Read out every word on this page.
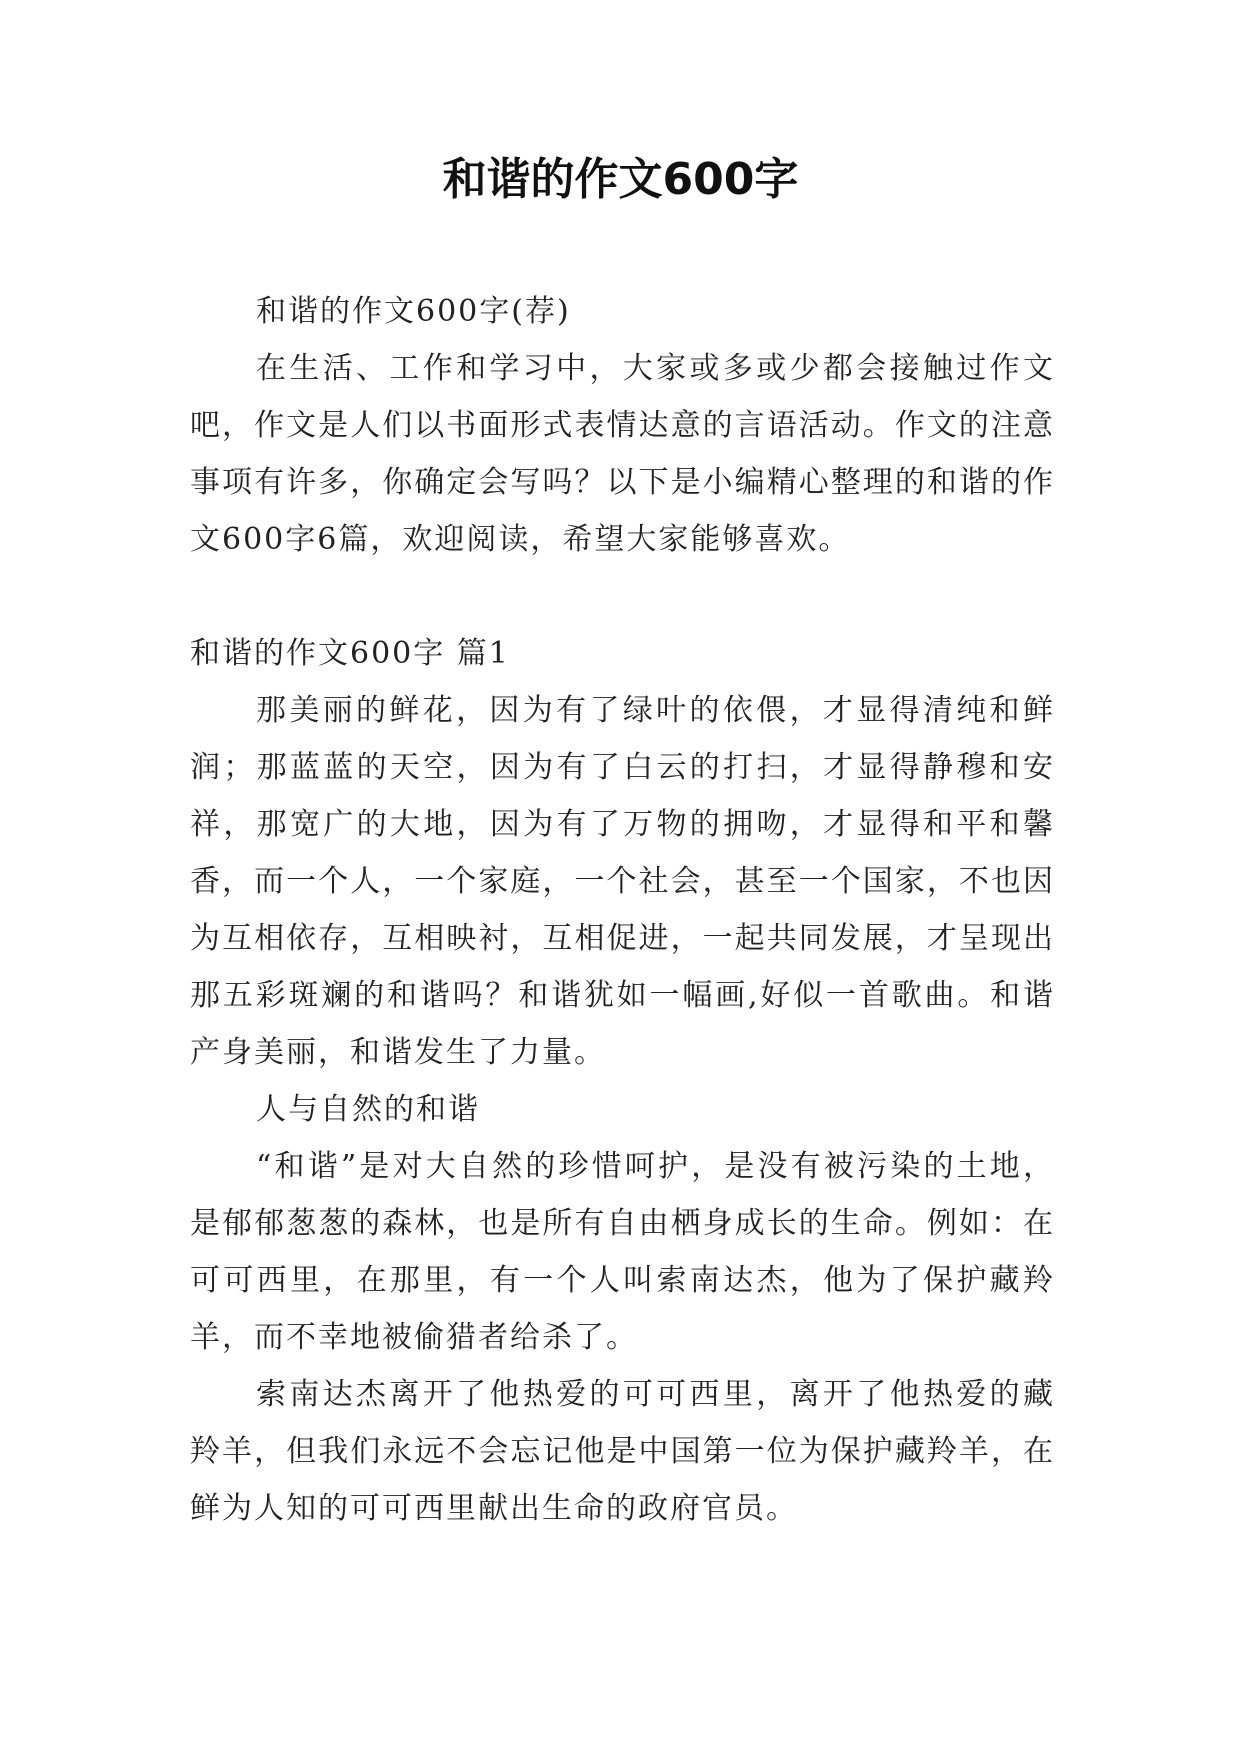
和谐的作文600字

和谐的作文600字(荐)

在生活、工作和学习中，大家或多或少都会接触过作文吧，作文是人们以书面形式表情达意的言语活动。作文的注意事项有许多，你确定会写吗？以下是小编精心整理的和谐的作文600字6篇，欢迎阅读，希望大家能够喜欢。

和谐的作文600字 篇1

那美丽的鲜花，因为有了绿叶的依偎，才显得清纯和鲜润；那蓝蓝的天空，因为有了白云的打扫，才显得静穆和安祥，那宽广的大地，因为有了万物的拥吻，才显得和平和馨香，而一个人，一个家庭，一个社会，甚至一个国家，不也因为互相依存，互相映衬，互相促进，一起共同发展，才呈现出那五彩斑斓的和谐吗？和谐犹如一幅画,好似一首歌曲。和谐产身美丽，和谐发生了力量。

人与自然的和谐

“和谐”是对大自然的珍惜呵护，是没有被污染的土地，是郁郁葱葱的森林，也是所有自由栖身成长的生命。例如：在可可西里，在那里，有一个人叫索南达杰，他为了保护藏羚羊，而不幸地被偷猎者给杀了。

索南达杰离开了他热爱的可可西里，离开了他热爱的藏羚羊，但我们永远不会忘记他是中国第一位为保护藏羚羊，在鲜为人知的可可西里献出生命的政府官员。
